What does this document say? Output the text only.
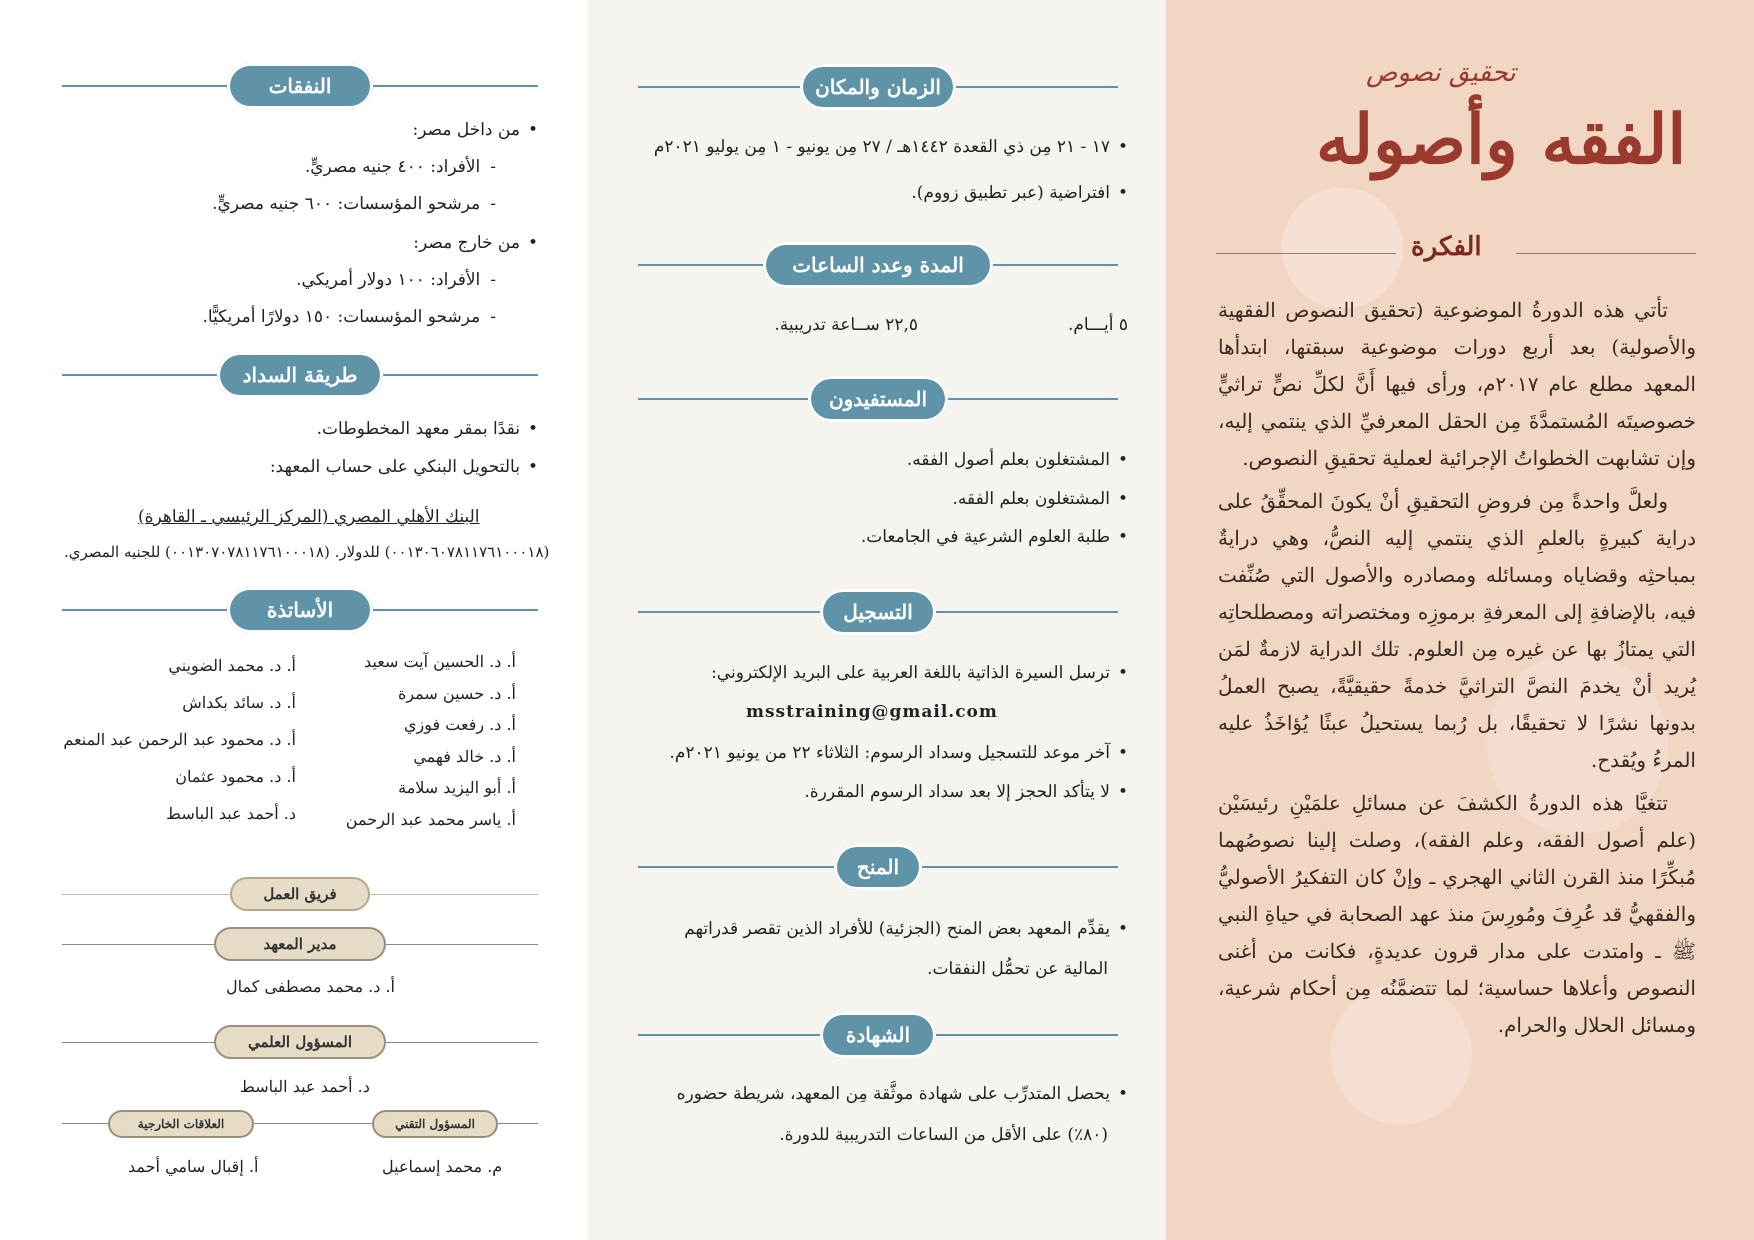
تحقيق نصوص
الفقه وأصوله
الفكرة

تأتي هذه الدورةُ الموضوعية (تحقيق النصوص الفقهية والأصولية) بعد أربع دورات موضوعية سبقتها، ابتدأها المعهد مطلع عام ٢٠١٧م، ورأى فيها أَنَّ لكلِّ نصٍّ تراثيٍّ خصوصيتَه المُستمدَّةَ مِن الحقل المعرفيِّ الذي ينتمي إليه، وإن تشابهت الخطواتُ الإجرائية لعملية تحقيقِ النصوص.

ولعلَّ واحدةً مِن فروضِ التحقيقِ أنْ يكونَ المحقِّقُ على دراية كبيرةٍ بالعلمِ الذي ينتمي إليه النصُّ، وهي درايةٌ بمباحثِه وقضاياه ومسائله ومصادره والأصول التي صُنِّفت فيه، بالإضافةِ إلى المعرفةِ برموزِه ومختصراته ومصطلحاتِه التي يمتازُ بها عن غيره مِن العلوم. تلك الدراية لازمةٌ لمَن يُريد أنْ يخدمَ النصَّ التراثيَّ خدمةً حقيقيَّةً، يصبح العملُ بدونها نشرًا لا تحقيقًا، بل رُبما يستحيلُ عبثًا يُؤاخَذُ عليه المرءُ ويُقدح.

تتغيَّا هذه الدورةُ الكشفَ عن مسائلِ علمَيْنِ رئيسَيْن (علم أصول الفقه، وعلم الفقه)، وصلت إلينا نصوصُهما مُبكِّرًا منذ القرن الثاني الهجري ـ وإنْ كان التفكيرُ الأصوليُّ والفقهيُّ قد عُرِفَ ومُورِسَ منذ عهد الصحابة في حياةِ النبي ﷺ ـ وامتدت على مدار قرون عديدةٍ، فكانت من أغنى النصوص وأعلاها حساسية؛ لما تتضمَّنُه مِن أحكام شرعية، ومسائل الحلال والحرام.

الزمان والمكان
• ١٧ - ٢١ مِن ذي القعدة ١٤٤٢هـ / ٢٧ مِن يونيو - ١ مِن يوليو ٢٠٢١م
• افتراضية (عبر تطبيق زووم).
المدة وعدد الساعات
٥ أيـــام.
٢٢,٥ ســاعة تدريبية.
المستفيدون
• المشتغلون بعلم أصول الفقه.
• المشتغلون بعلم الفقه.
• طلبة العلوم الشرعية في الجامعات.
التسجيل
• ترسل السيرة الذاتية باللغة العربية على البريد الإلكتروني:
msstraining@gmail.com
• آخر موعد للتسجيل وسداد الرسوم: الثلاثاء ٢٢ من يونيو ٢٠٢١م.
• لا يتأكد الحجز إلا بعد سداد الرسوم المقررة.
المنح
• يقدِّم المعهد بعض المنح (الجزئية) للأفراد الذين تقصر قدراتهم
المالية عن تحمُّل النفقات.
الشهادة
• يحصل المتدرِّب على شهادة موثَّقة مِن المعهد، شريطة حضوره
(٨٠٪) على الأقل من الساعات التدريبية للدورة.
النفقات
• من داخل مصر:
- الأفراد: ٤٠٠ جنيه مصريٍّ.
- مرشحو المؤسسات: ٦٠٠ جنيه مصريٍّ.
• من خارج مصر:
- الأفراد: ١٠٠ دولار أمريكي.
- مرشحو المؤسسات: ١٥٠ دولارًا أمريكيًّا.
طريقة السداد
• نقدًا بمقر معهد المخطوطات.
• بالتحويل البنكي على حساب المعهد:
البنك الأهلي المصري (المركز الرئيسي ـ القاهرة)
(٠٠١٣٠٦٠٧٨١١٧٦١٠٠٠١٨) للدولار. (٠٠١٣٠٧٠٧٨١١٧٦١٠٠٠١٨) للجنيه المصري.
الأساتذة
أ. د. الحسين آيت سعيد
أ. د. حسين سمرة
أ. د. رفعت فوزي
أ. د. خالد فهمي
أ. أبو اليزيد سلامة
أ. ياسر محمد عبد الرحمن
أ. د. محمد الضويني
أ. د. سائد بكداش
أ. د. محمود عبد الرحمن عبد المنعم
أ. د. محمود عثمان
د. أحمد عبد الباسط
فريق العمل
مدير المعهد
أ. د. محمد مصطفى كمال
المسؤول العلمي
د. أحمد عبد الباسط
المسؤول التقني
العلاقات الخارجية
م. محمد إسماعيل
أ. إقبال سامي أحمد
